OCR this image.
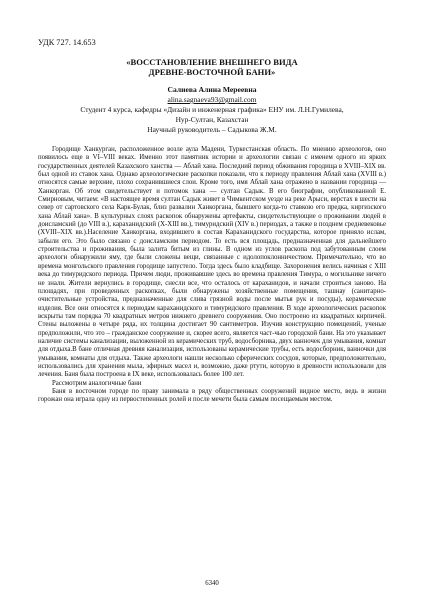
УДК 727. 14.653
«ВОССТАНОВЛЕНИЕ ВНЕШНЕГО ВИДА
ДРЕВНЕ-ВОСТОЧНОЙ БАНИ»
Салиева Алина Мереевна
alina.sagnaeva93@gmail.com
Студент 4 курса, кафедры «Дизайн и инженерная графика» ЕНУ им. Л.Н.Гумилева,
Нур-Султан, Казахстан
Научный руководитель – Садыкова Ж.М.

Городище Ханкурган, расположенное возле аула Мадени, Туркестанская область. По мнению археологов, оно появилось еще в VI–VIII веках. Именно этот памятник истории и археологии связан с именем одного из ярких государственных деятелей Казахского ханства — Аблай хана. Последний период обживания городища в XVIII–XIX вв. был одной из ставок хана. Однако археологические раскопки показали, что к периоду правления Аблай хана (XVIII в.) относятся самые верхние, плохо сохранившиеся слои. Кроме того, имя Аблай хана отражено в названии городища — Ханкорган. Об этом свидетельствует и потомок хана — султан Садык. В его биографии, опубликованной Е. Смирновым, читаем: «В настоящее время султан Садык живет в Чимкентском уезде на реке Арыси, верстах в шести на север от сартовского села Карк-Булак, близ развалин Ханкоргана, бывшего когда-то ставкою его предка, киргизского хана Аблай хана». В культурных слоях раскопок обнаружены артефакты, свидетельствующие о проживании людей в доисламский (до VIII в.), караханидский (X-XIII вв.), тимуридский (XIV в.) периодах, а также в позднем средневековье (XVIII–XIX вв.).Население Ханкоргана, входившего в состав Караханидского государства, которое приняло ислам, забыли его. Это было связано с доисламским периодом. То есть вся площадь, предназначенная для дальнейшего строительства и проживания, была залита битым из глины. В одном из углов раскопа под забутованным слоем археологи обнаружили яму, где были сложены вещи, связанные с идолопоклонничеством. Примечательно, что во времена монгольского правления городище запустело. Тогда здесь было кладбище. Захоронения велись начиная с XIII века до тимуридского периода. Причем люди, проживавшие здесь во времена правления Тимура, о могильнике ничего не знали. Жители вернулись в городище, снесли все, что осталось от караханидов, и начали строиться заново. На площадях, при проведенных раскопках, были обнаружены хозяйственные помещения, ташнау (санитарно- очистительные устройства, предназначенные для слива грязной воды после мытья рук и посуды), керамические изделия. Все они относятся к периодам караханидского и тимуридского правления. В ходе археологических раскопок вскрыты там порядка 70 квадратных метров нижнего древнего сооружения. Оно построено из квадратных кирпичей. Стены выложены в четыре ряда, их толщина достигает 90 сантиметров. Изучив конструкцию помещений, ученые предположили, что это – гражданское сооружение и, скорее всего, является част-чью городской бани. На это указывает наличие системы канализации, выложенной из керамических труб, водосборника, двух ванночек для умывания, комнат для отдыха.В бане отличная древняя канализация, использованы керамические трубы, есть водосборник, ванночки для умывания, комнаты для отдыха. Также археологи нашли несколько сферических сосудов, которые, предположительно, использовались для хранения мыла, эфирных масел и, возможно, даже ртути, которую в древности использовали для лечения. Баня была построена в IX веке, использовалась более 100 лет.

Рассмотрим аналогичные бани

Баня в восточном городе по праву занимала в ряду общественных сооружений видное место, ведь в жизни горожан она играла одну из первостепенных ролей и после мечети была самым посещаемым местом.

6340
